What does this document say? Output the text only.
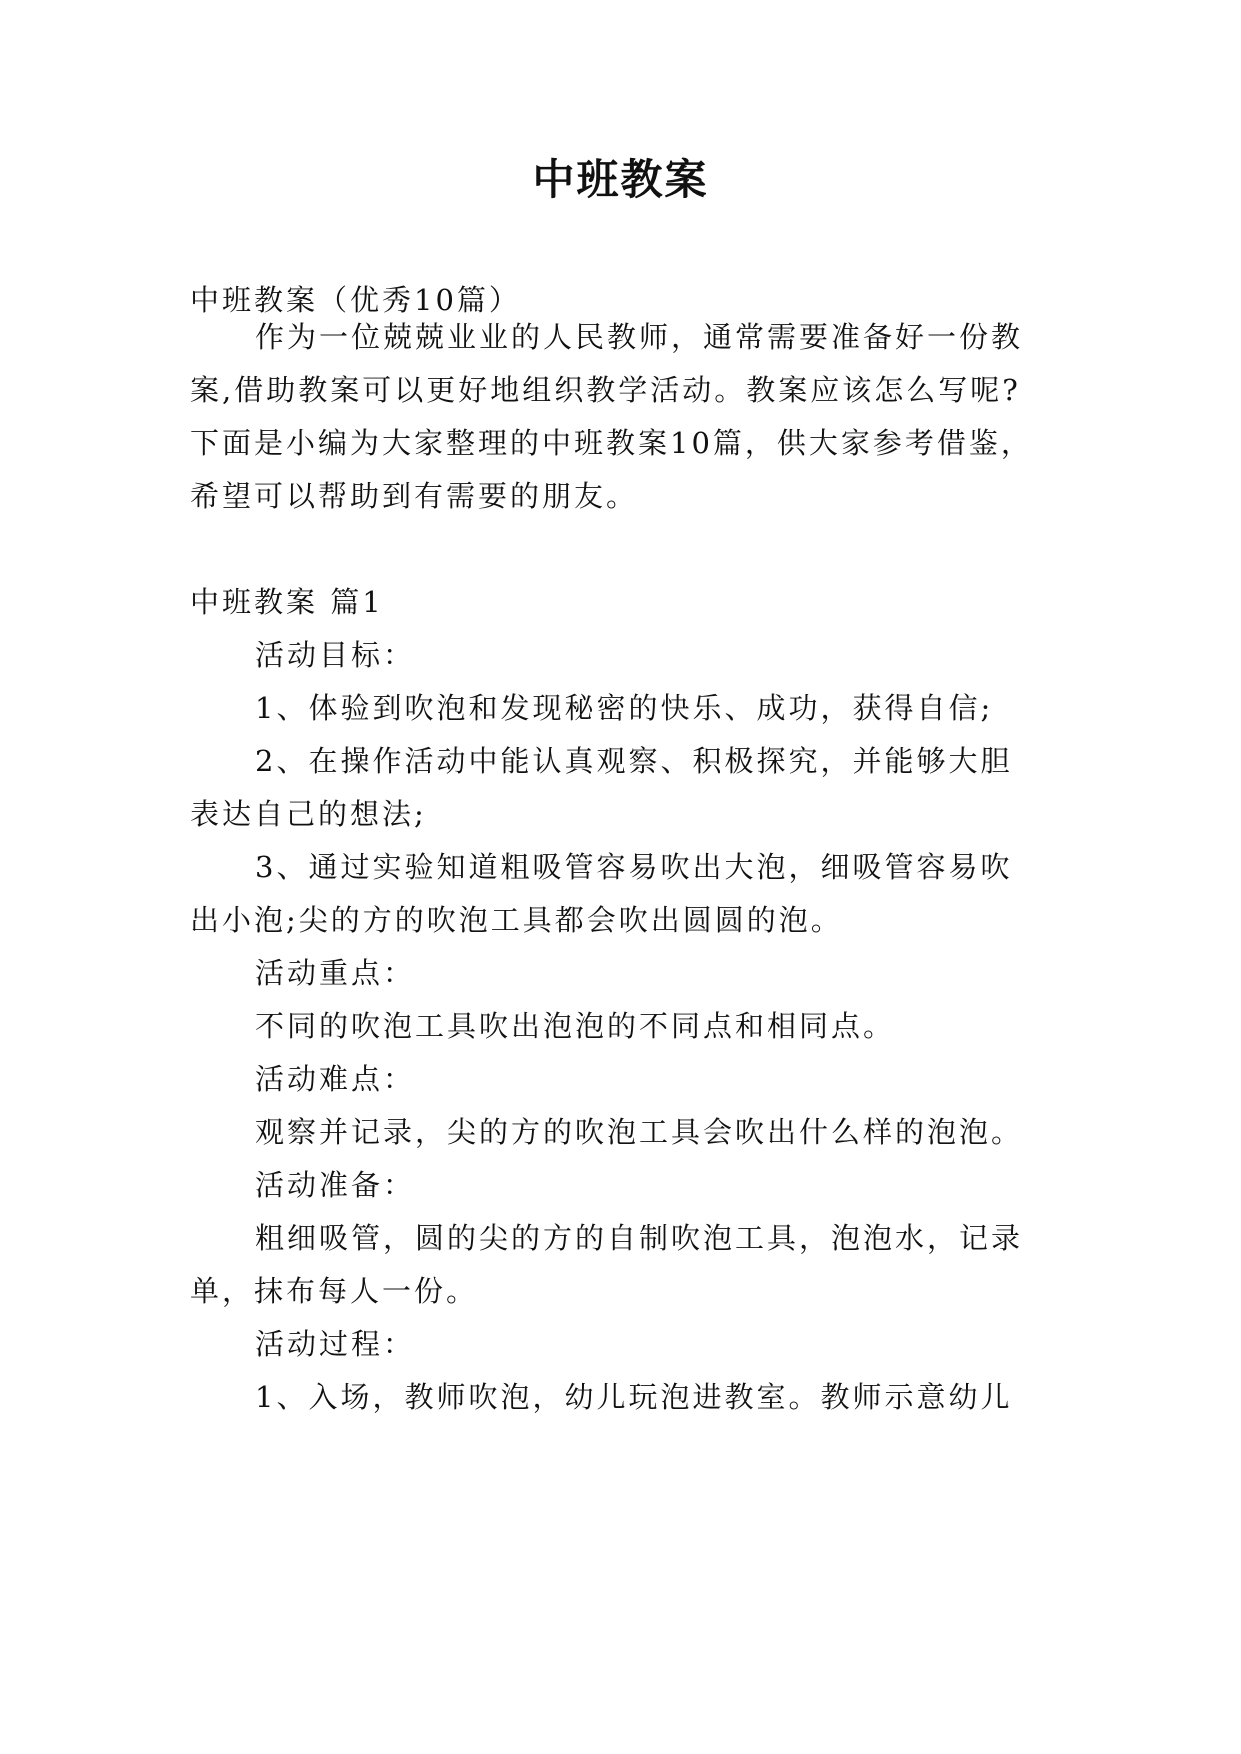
中班教案
中班教案（优秀10篇）
作为一位兢兢业业的人民教师，通常需要准备好一份教
案,借助教案可以更好地组织教学活动。教案应该怎么写呢?
下面是小编为大家整理的中班教案10篇，供大家参考借鉴，
希望可以帮助到有需要的朋友。
中班教案 篇1
活动目标：
1、体验到吹泡和发现秘密的快乐、成功，获得自信;
2、在操作活动中能认真观察、积极探究，并能够大胆
表达自己的想法;
3、通过实验知道粗吸管容易吹出大泡，细吸管容易吹
出小泡;尖的方的吹泡工具都会吹出圆圆的泡。
活动重点：
不同的吹泡工具吹出泡泡的不同点和相同点。
活动难点：
观察并记录，尖的方的吹泡工具会吹出什么样的泡泡。
活动准备：
粗细吸管，圆的尖的方的自制吹泡工具，泡泡水，记录
单，抹布每人一份。
活动过程：
1、入场，教师吹泡，幼儿玩泡进教室。教师示意幼儿
